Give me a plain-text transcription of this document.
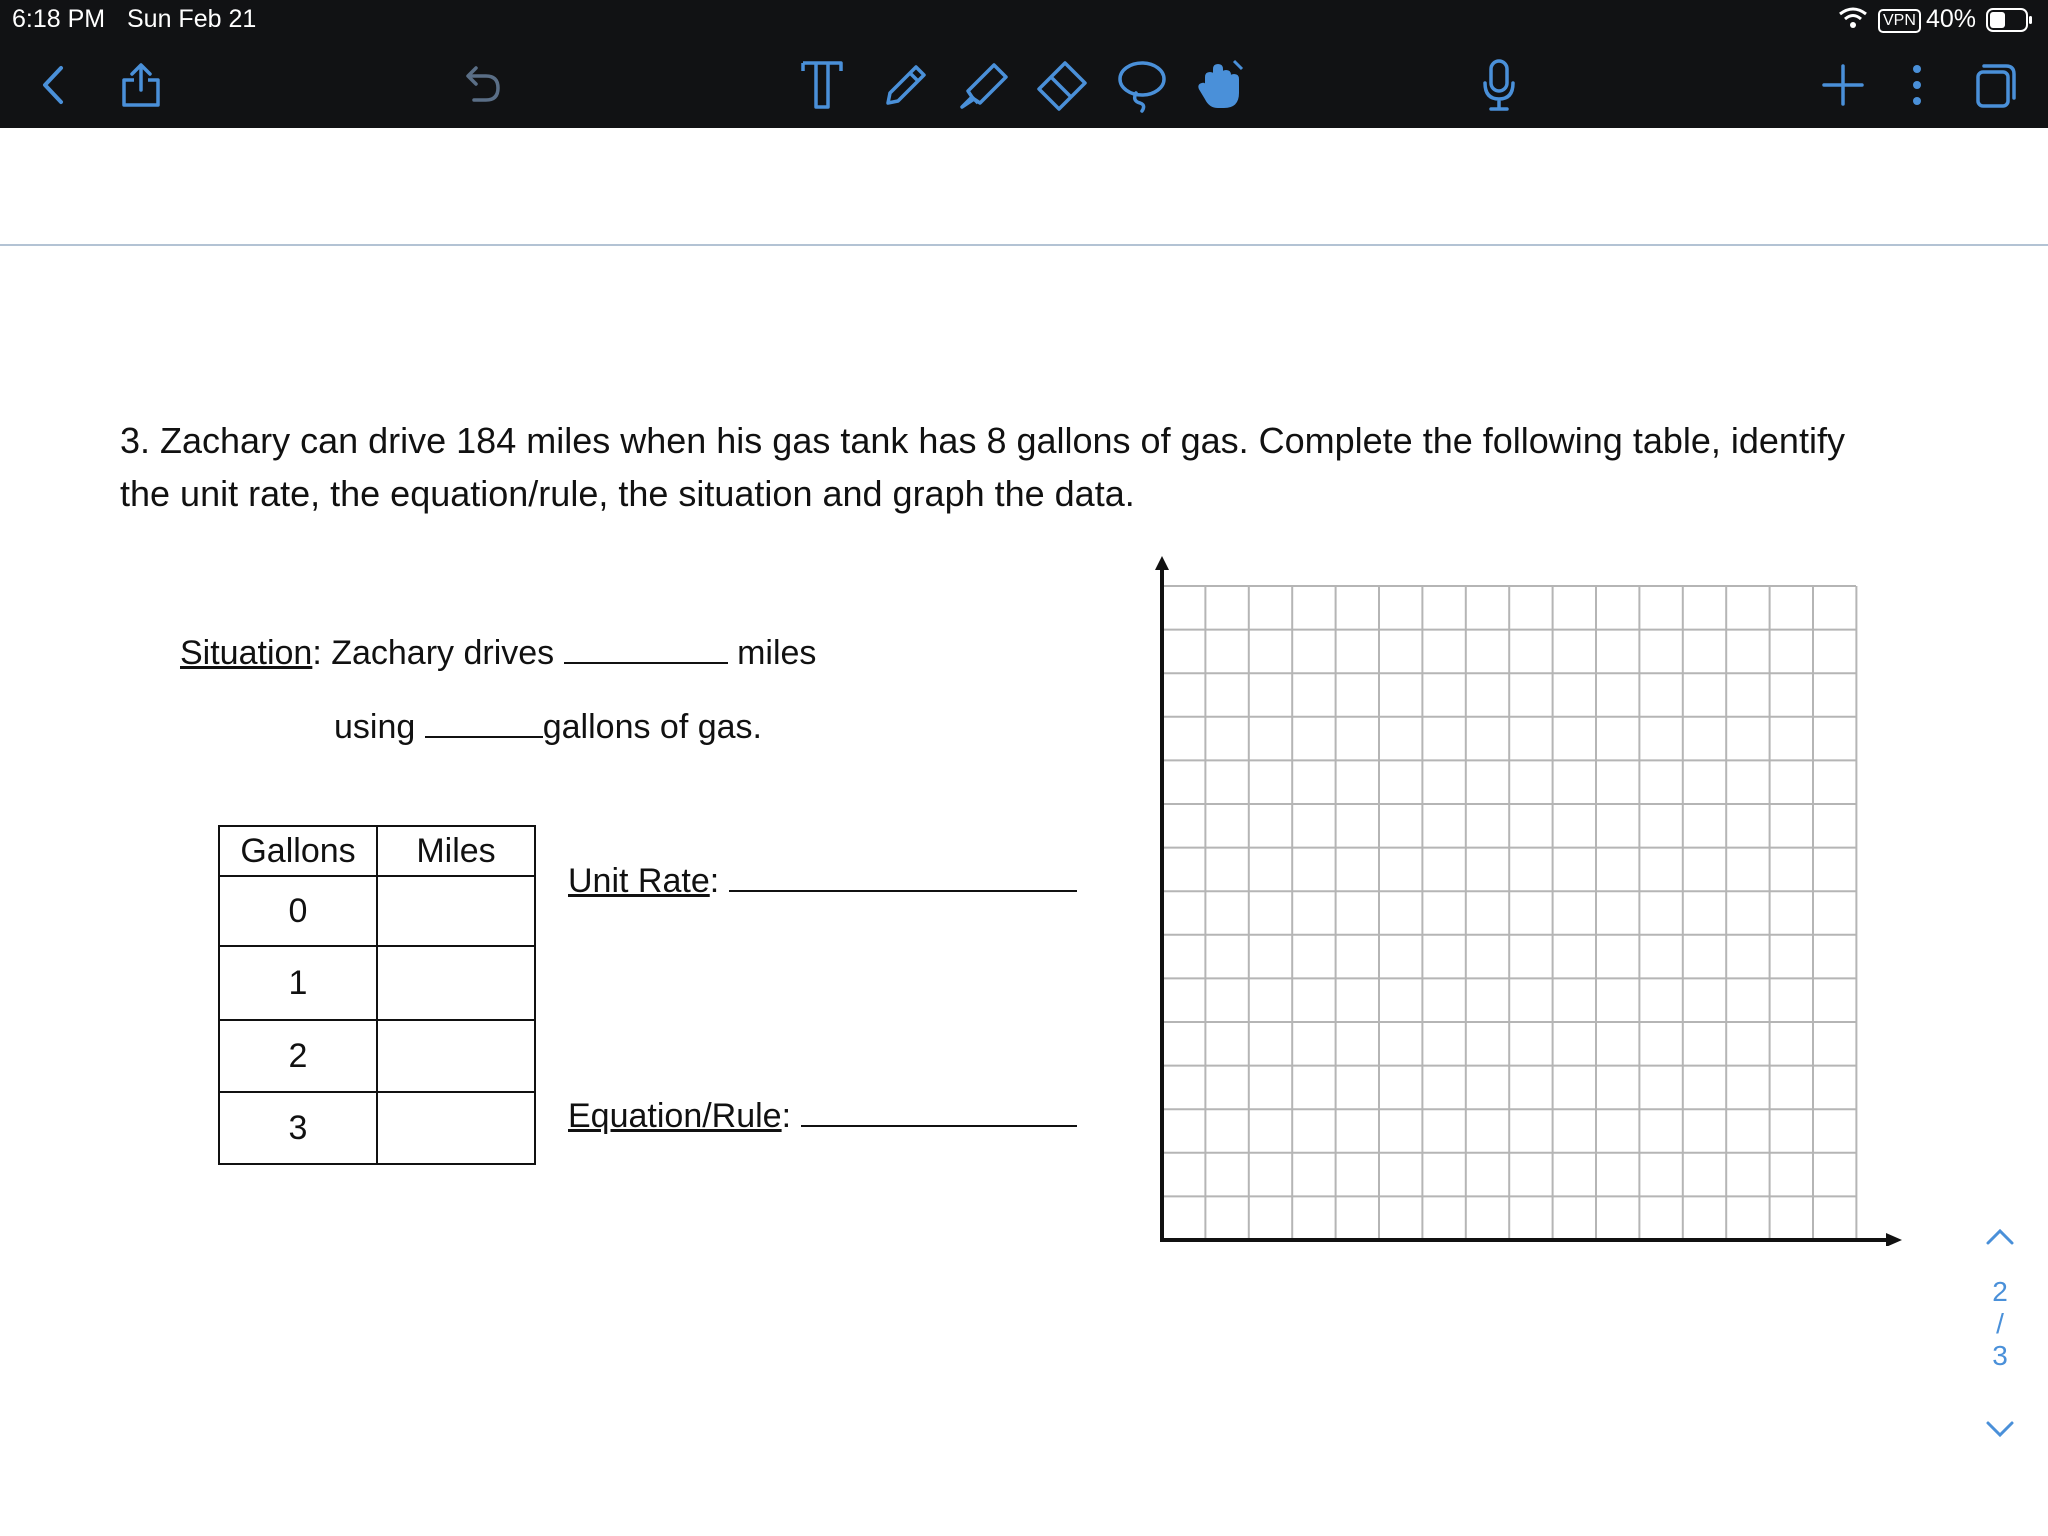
6:18 PM Sun Feb 21	VPN 40%
3. Zachary can drive 184 miles when his gas tank has 8 gallons of gas. Complete the following table, identify
the unit rate, the equation/rule, the situation and graph the data.
Situation: Zachary drives	miles
using	gallons of gas.
Gallons	Miles
0	
1	
2	
3	
Unit Rate:
Equation/Rule:
2
/
3
